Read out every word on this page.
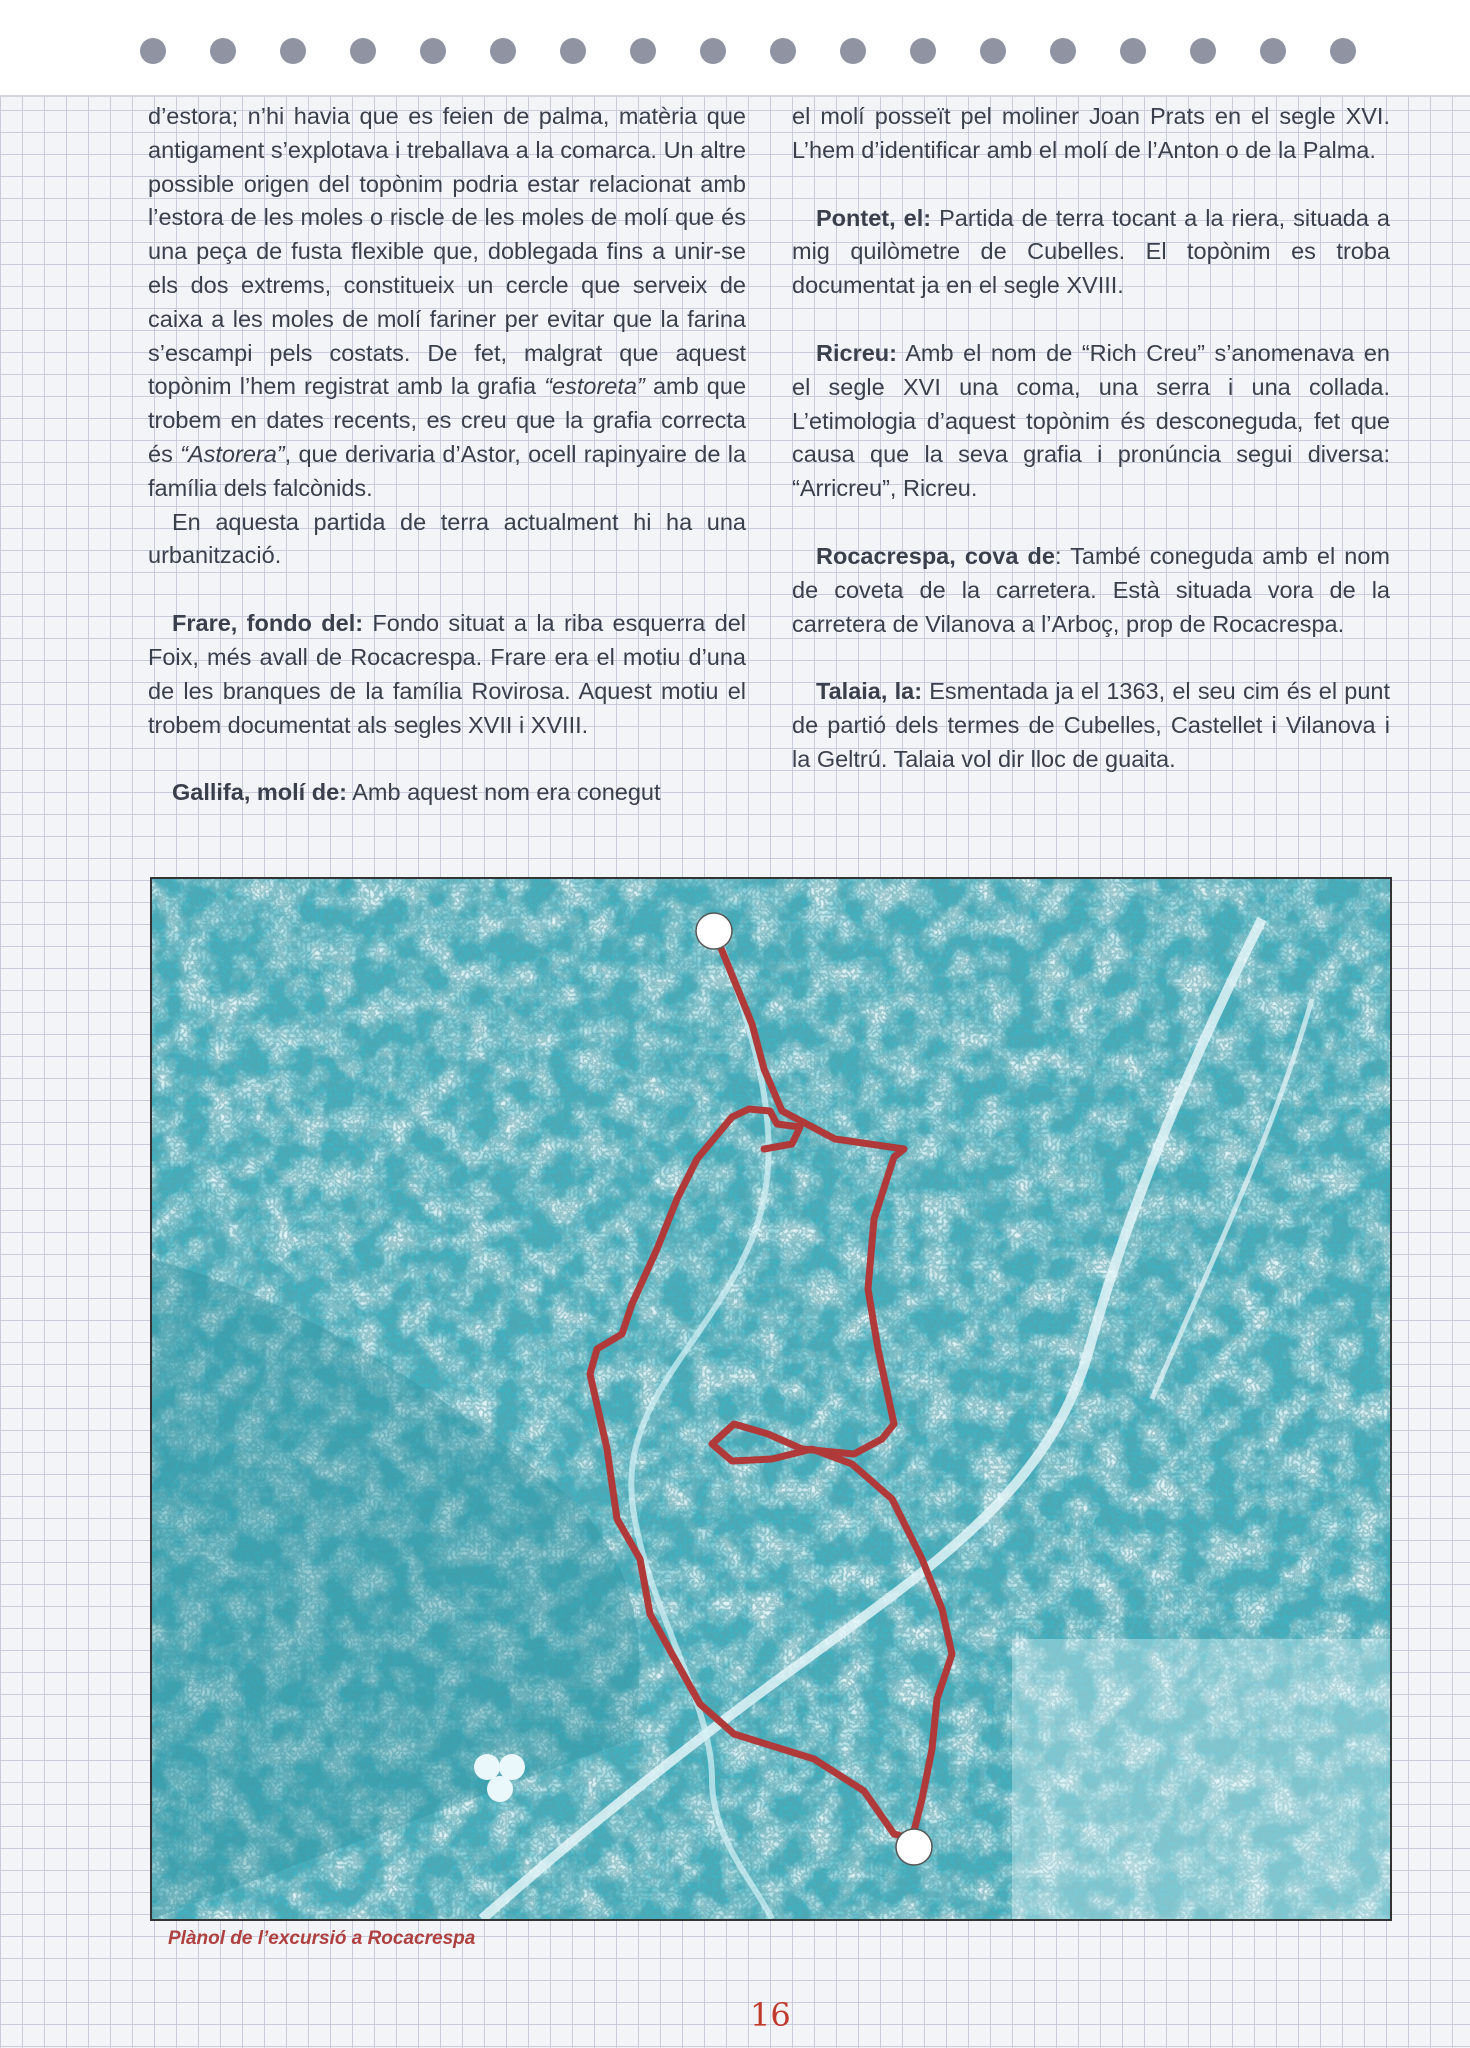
d’estora; n’hi havia que es feien de palma, matèria que antigament s’explotava i treballava a la comarca. Un altre possible origen del topònim podria estar relacionat amb l’estora de les moles o riscle de les moles de molí que és una peça de fusta flexible que, doblegada fins a unir-se els dos extrems, constitueix un cercle que serveix de caixa a les moles de molí fariner per evitar que la farina s’escampi pels costats. De fet, malgrat que aquest topònim l’hem registrat amb la grafia “estoreta” amb que trobem en dates recents, es creu que la grafia correcta és “Astorera”, que derivaria d’Astor, ocell rapinyaire de la família dels falcònids.

En aquesta partida de terra actualment hi ha una urbanització.

Frare, fondo del: Fondo situat a la riba esquerra del Foix, més avall de Rocacrespa. Frare era el motiu d’una de les branques de la família Rovirosa. Aquest motiu el trobem documentat als segles XVII i XVIII.

Gallifa, molí de: Amb aquest nom era conegut

el molí posseït pel moliner Joan Prats en el segle XVI. L’hem d’identificar amb el molí de l’Anton o de la Palma.

Pontet, el: Partida de terra tocant a la riera, situada a mig quilòmetre de Cubelles. El topònim es troba documentat ja en el segle XVIII.

Ricreu: Amb el nom de “Rich Creu” s’anomenava en el segle XVI una coma, una serra i una collada. L’etimologia d’aquest topònim és desconeguda, fet que causa que la seva grafia i pronúncia segui diversa: “Arricreu”, Ricreu.

Rocacrespa, cova de: També coneguda amb el nom de coveta de la carretera. Està situada vora de la carretera de Vilanova a l’Arboç, prop de Rocacrespa.

Talaia, la: Esmentada ja el 1363, el seu cim és el punt de partió dels termes de Cubelles, Castellet i Vilanova i la Geltrú. Talaia vol dir lloc de guaita.

Plànol de l’excursió a Rocacrespa
16
